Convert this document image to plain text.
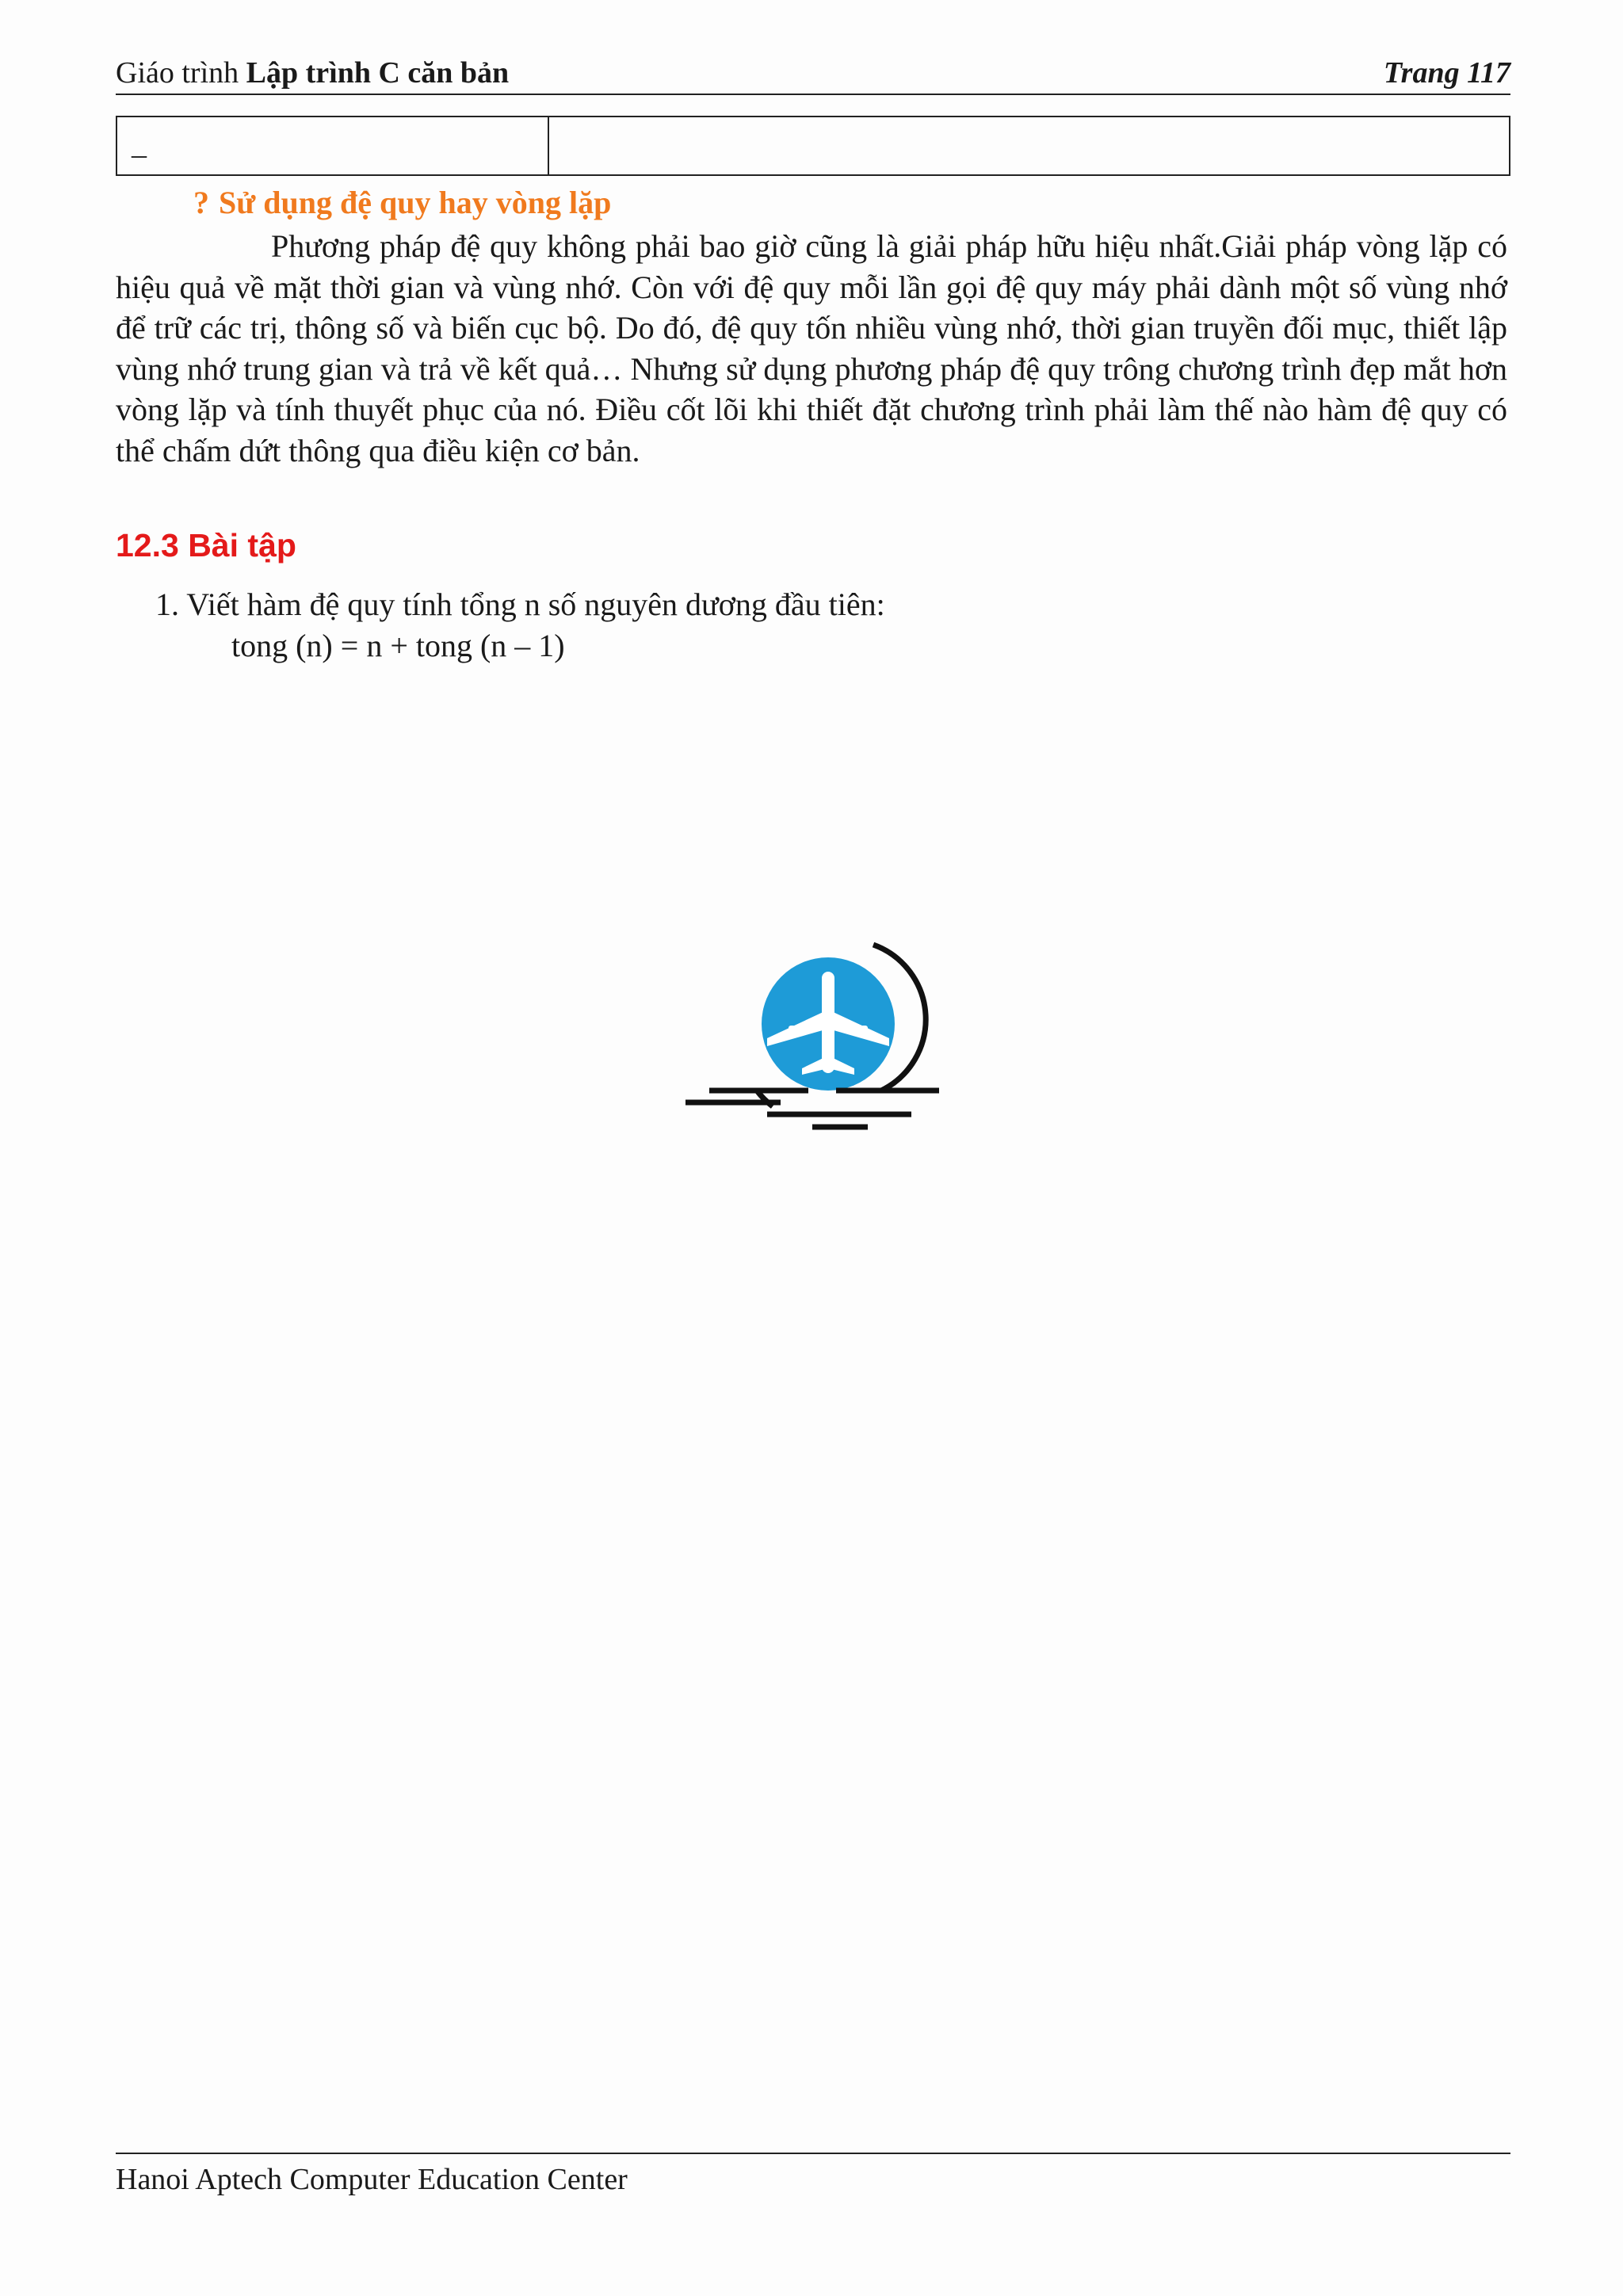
Giáo trình Lập trình C căn bản	Trang 117
_
? Sử dụng đệ quy hay vòng lặp

Phương pháp đệ quy không phải bao giờ cũng là giải pháp hữu hiệu nhất.Giải pháp vòng lặp có hiệu quả về mặt thời gian và vùng nhớ. Còn với đệ quy mỗi lần gọi đệ quy máy phải dành một số vùng nhớ để trữ các trị, thông số và biến cục bộ. Do đó, đệ quy tốn nhiều vùng nhớ, thời gian truyền đối mục, thiết lập vùng nhớ trung gian và trả về kết quả… Nhưng sử dụng phương pháp đệ quy trông chương trình đẹp mắt hơn vòng lặp và tính thuyết phục của nó. Điều cốt lõi khi thiết đặt chương trình phải làm thế nào hàm đệ quy có thể chấm dứt thông qua điều kiện cơ bản.

12.3 Bài tập
1. Viết hàm đệ quy tính tổng n số nguyên dương đầu tiên:
tong (n) = n + tong (n – 1)
Hanoi Aptech Computer Education Center
